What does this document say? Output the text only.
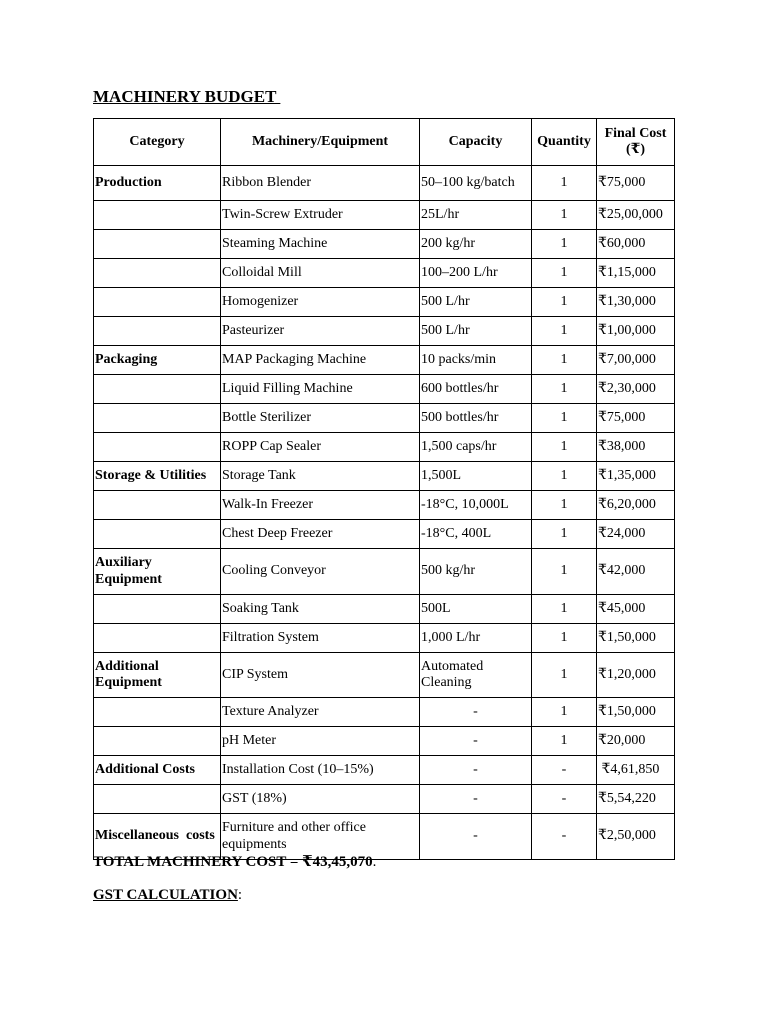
MACHINERY BUDGET
Category	Machinery/Equipment	Capacity	Quantity	Final Cost (₹)
Production	Ribbon Blender	50–100 kg/batch	1	₹75,000
	Twin-Screw Extruder	25L/hr	1	₹25,00,000
	Steaming Machine	200 kg/hr	1	₹60,000
	Colloidal Mill	100–200 L/hr	1	₹1,15,000
	Homogenizer	500 L/hr	1	₹1,30,000
	Pasteurizer	500 L/hr	1	₹1,00,000
Packaging	MAP Packaging Machine	10 packs/min	1	₹7,00,000
	Liquid Filling Machine	600 bottles/hr	1	₹2,30,000
	Bottle Sterilizer	500 bottles/hr	1	₹75,000
	ROPP Cap Sealer	1,500 caps/hr	1	₹38,000
Storage & Utilities	Storage Tank	1,500L	1	₹1,35,000
	Walk-In Freezer	-18°C, 10,000L	1	₹6,20,000
	Chest Deep Freezer	-18°C, 400L	1	₹24,000
Auxiliary Equipment	Cooling Conveyor	500 kg/hr	1	₹42,000
	Soaking Tank	500L	1	₹45,000
	Filtration System	1,000 L/hr	1	₹1,50,000
Additional Equipment	CIP System	Automated Cleaning	1	₹1,20,000
	Texture Analyzer	-	1	₹1,50,000
	pH Meter	-	1	₹20,000
Additional Costs	Installation Cost (10–15%)	-	-	₹4,61,850
	GST (18%)	-	-	₹5,54,220
Miscellaneous  costs	Furniture and other office equipments	-	-	₹2,50,000
TOTAL MACHINERY COST = ₹43,45,070.
GST CALCULATION:
